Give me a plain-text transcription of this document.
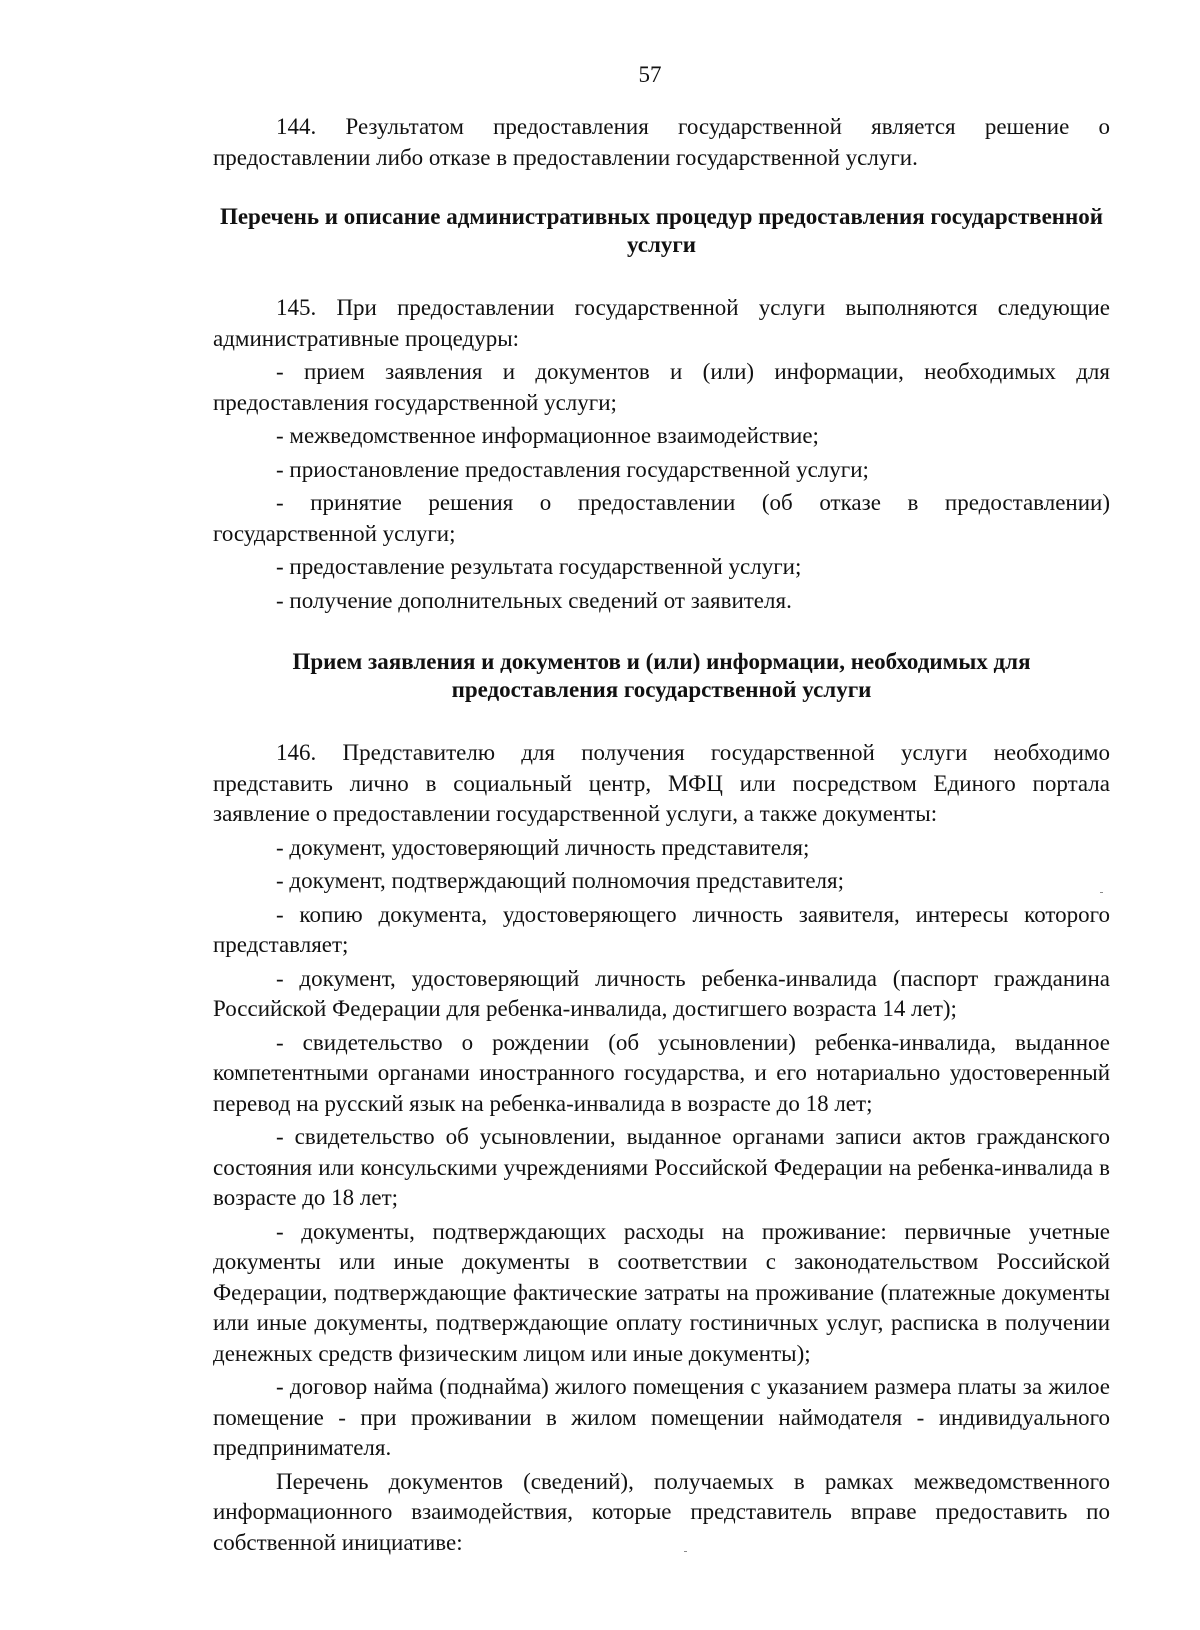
57

144. Результатом предоставления государственной является решение о предоставлении либо отказе в предоставлении государственной услуги.

Перечень и описание административных процедур предоставления государственной услуги

145. При предоставлении государственной услуги выполняются следующие административные процедуры:

- прием заявления и документов и (или) информации, необходимых для предоставления государственной услуги;

- межведомственное информационное взаимодействие;

- приостановление предоставления государственной услуги;

- принятие решения о предоставлении (об отказе в предоставлении) государственной услуги;

- предоставление результата государственной услуги;

- получение дополнительных сведений от заявителя.

Прием заявления и документов и (или) информации, необходимых для предоставления государственной услуги

146. Представителю для получения государственной услуги необходимо представить лично в социальный центр, МФЦ или посредством Единого портала заявление о предоставлении государственной услуги, а также документы:

- документ, удостоверяющий личность представителя;

- документ, подтверждающий полномочия представителя;

- копию документа, удостоверяющего личность заявителя, интересы которого представляет;

- документ, удостоверяющий личность ребенка-инвалида (паспорт гражданина Российской Федерации для ребенка-инвалида, достигшего возраста 14 лет);

- свидетельство о рождении (об усыновлении) ребенка-инвалида, выданное компетентными органами иностранного государства, и его нотариально удостоверенный перевод на русский язык на ребенка-инвалида в возрасте до 18 лет;

- свидетельство об усыновлении, выданное органами записи актов гражданского состояния или консульскими учреждениями Российской Федерации на ребенка-инвалида в возрасте до 18 лет;

- документы, подтверждающих расходы на проживание: первичные учетные документы или иные документы в соответствии с законодательством Российской Федерации, подтверждающие фактические затраты на проживание (платежные документы или иные документы, подтверждающие оплату гостиничных услуг, расписка в получении денежных средств физическим лицом или иные документы);

- договор найма (поднайма) жилого помещения с указанием размера платы за жилое помещение - при проживании в жилом помещении наймодателя - индивидуального предпринимателя.

Перечень документов (сведений), получаемых в рамках межведомственного информационного взаимодействия, которые представитель вправе предоставить по собственной инициативе:
